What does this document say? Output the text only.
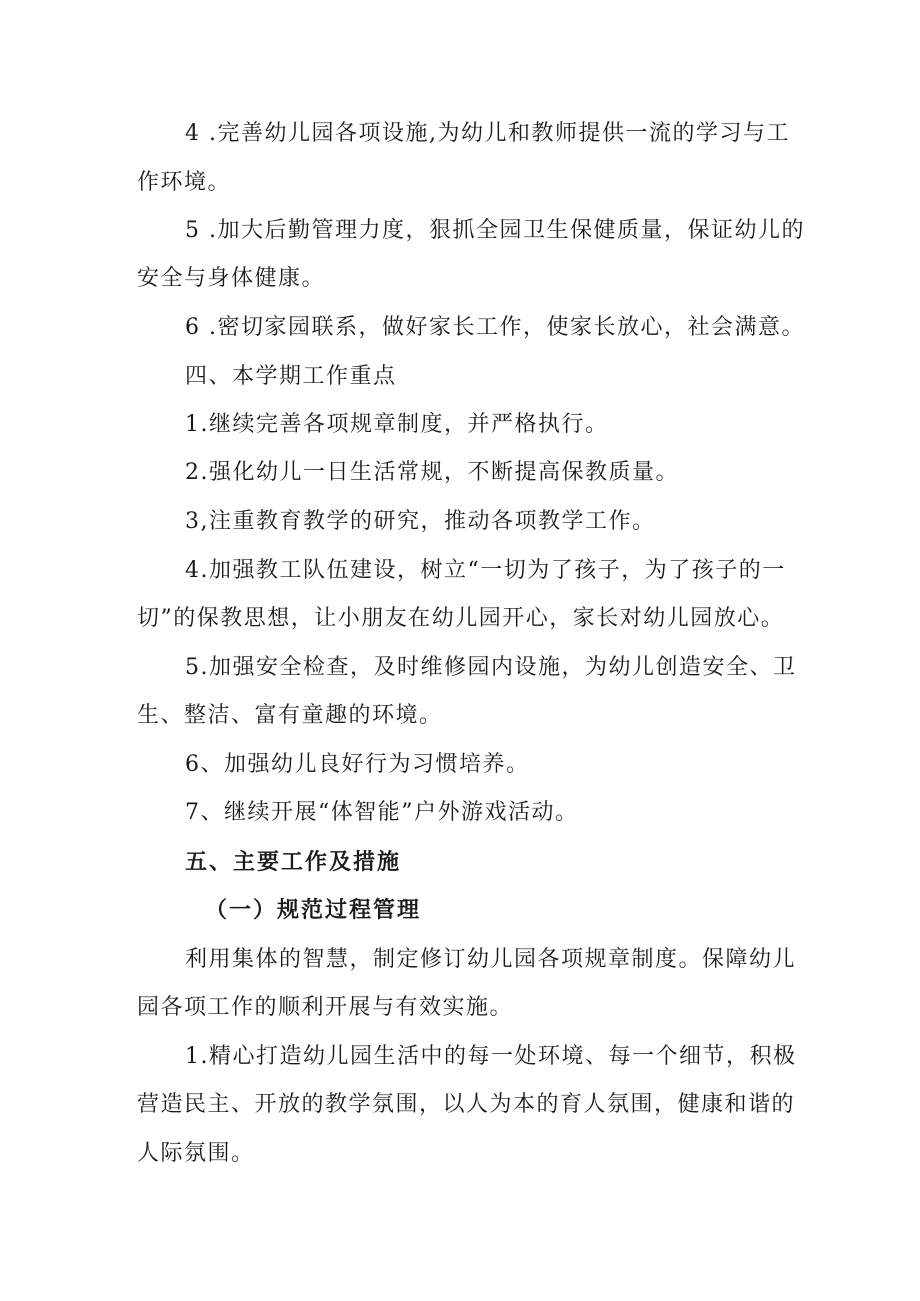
4 .完善幼儿园各项设施,为幼儿和教师提供一流的学习与工
作环境。
5 .加大后勤管理力度，狠抓全园卫生保健质量，保证幼儿的
安全与身体健康。
6 .密切家园联系，做好家长工作，使家长放心，社会满意。
四、本学期工作重点
1.继续完善各项规章制度，并严格执行。
2.强化幼儿一日生活常规，不断提高保教质量。
3,注重教育教学的研究，推动各项教学工作。
4.加强教工队伍建设，树立“一切为了孩子，为了孩子的一
切”的保教思想，让小朋友在幼儿园开心，家长对幼儿园放心。
5.加强安全检查，及时维修园内设施，为幼儿创造安全、卫
生、整洁、富有童趣的环境。
6、加强幼儿良好行为习惯培养。
7、继续开展“体智能”户外游戏活动。
五、主要工作及措施
（一）规范过程管理
利用集体的智慧，制定修订幼儿园各项规章制度。保障幼儿
园各项工作的顺利开展与有效实施。
1.精心打造幼儿园生活中的每一处环境、每一个细节，积极
营造民主、开放的教学氛围，以人为本的育人氛围，健康和谐的
人际氛围。
